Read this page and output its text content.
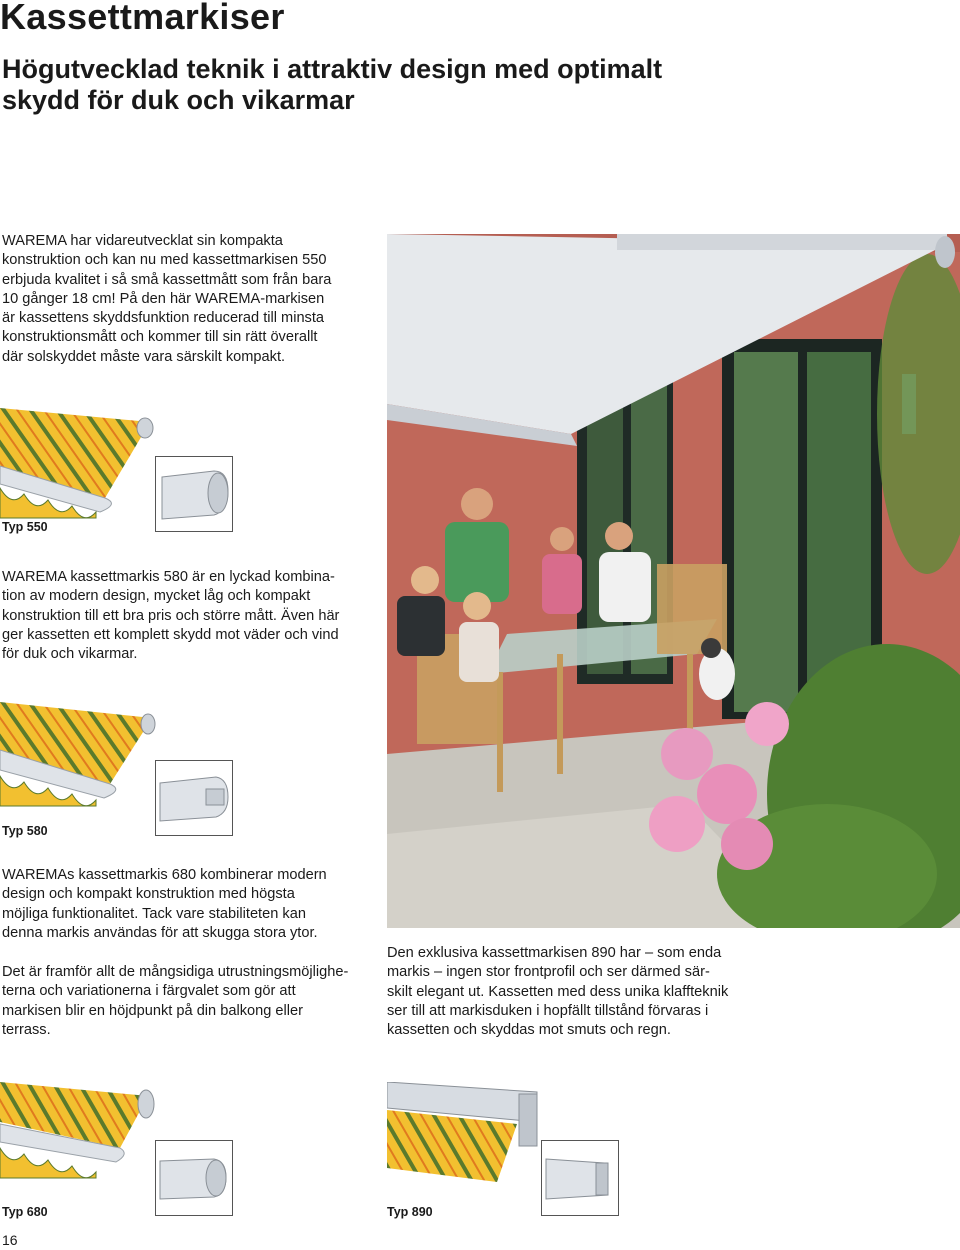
Kassettmarkiser
Högutvecklad teknik i attraktiv design med optimalt skydd för duk och vikarmar
WAREMA har vidareutvecklat sin kompakta
konstruktion och kan nu med kassettmarkisen 550
erbjuda kvalitet i så små kassettmått som från bara
10 gånger 18 cm! På den här WAREMA-markisen
är kassettens skyddsfunktion reducerad till minsta
konstruktionsmått och kommer till sin rätt överallt
där solskyddet måste vara särskilt kompakt.
Typ 550
WAREMA kassettmarkis 580 är en lyckad kombina-
tion av modern design, mycket låg och kompakt
konstruktion till ett bra pris och större mått. Även här
ger kassetten ett komplett skydd mot väder och vind
för duk och vikarmar.
Typ 580
WAREMAs kassettmarkis 680 kombinerar modern
design och kompakt konstruktion med högsta
möjliga funktionalitet. Tack vare stabiliteten kan
denna markis användas för att skugga stora ytor.
Det är framför allt de mångsidiga utrustningsmöjlighe-
terna och variationerna i färgvalet som gör att
markisen blir en höjdpunkt på din balkong eller
terrass.
Den exklusiva kassettmarkisen 890 har – som enda
markis – ingen stor frontprofil och ser därmed sär-
skilt elegant ut. Kassetten med dess unika klaffteknik
ser till att markisduken i hopfällt tillstånd förvaras i
kassetten och skyddas mot smuts och regn.
Typ 680	Typ 890
16
